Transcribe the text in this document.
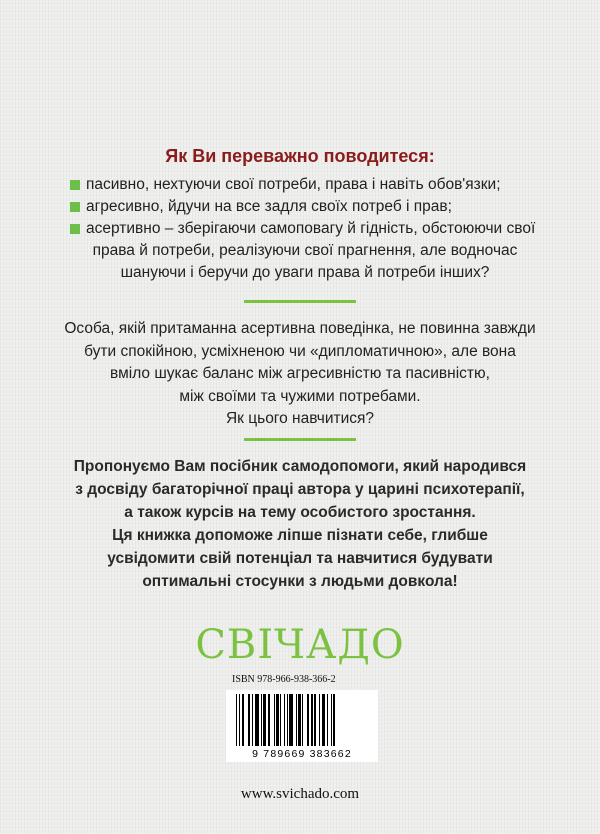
Як Ви переважно поводитеся:
пасивно, нехтуючи свої потреби, права і навіть обов'язки;
агресивно, йдучи на все задля своїх потреб і прав;
асертивно – зберігаючи самоповагу й гідність, обстоюючи свої
права й потреби, реалізуючи свої прагнення, але водночас
шануючи і беручи до уваги права й потреби інших?
Особа, якій притаманна асертивна поведінка, не повинна завжди
бути спокійною, усміхненою чи «дипломатичною», але вона
вміло шукає баланс між агресивністю та пасивністю,
між своїми та чужими потребами.
Як цього навчитися?
Пропонуємо Вам посібник самодопомоги, який народився
з досвіду багаторічної праці автора у царині психотерапії,
а також курсів на тему особистого зростання.
Ця книжка допоможе ліпше пізнати себе, глибше
усвідомити свій потенціал та навчитися будувати
оптимальні стосунки з людьми довкола!
СВІЧАДО
ISBN 978-966-938-366-2
9 789669 383662
www.svichado.com
